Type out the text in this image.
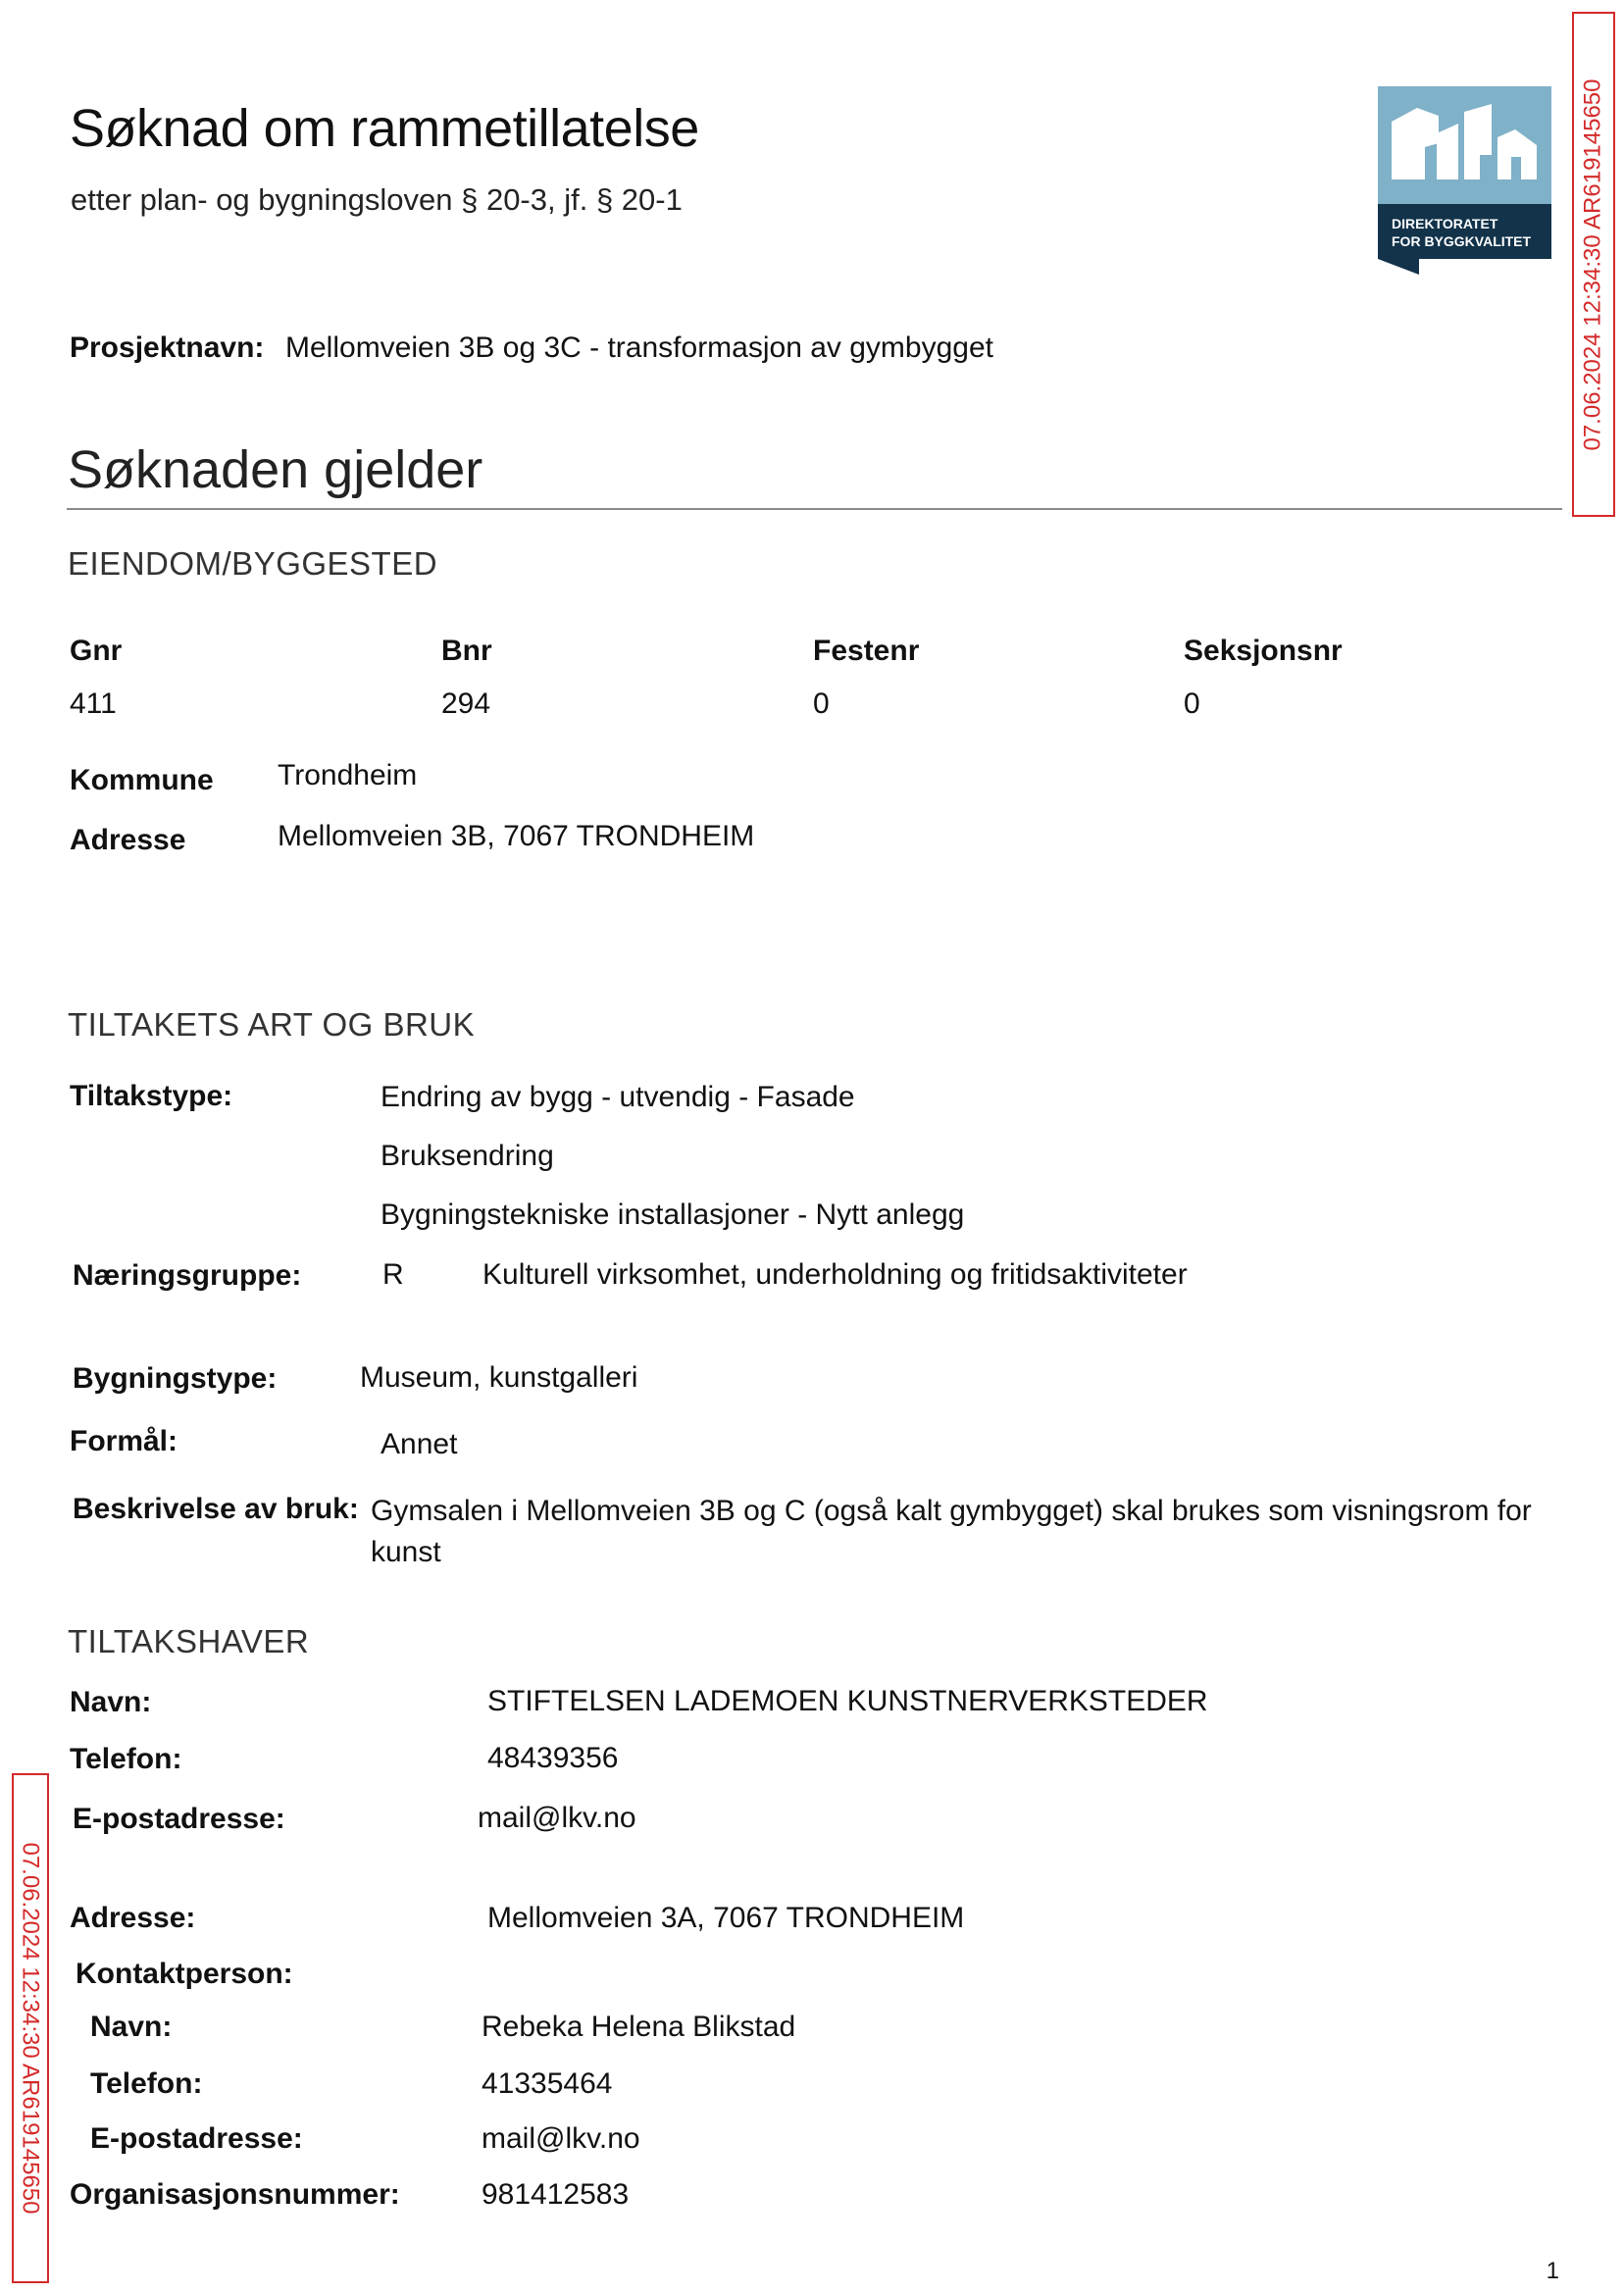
Søknad om rammetillatelse
etter plan- og bygningsloven § 20-3, jf. § 20-1
DIREKTORATET
FOR BYGGKVALITET 07.06.2024 12:34:30 AR619145650
07.06.2024 12:34:30 AR619145650
Prosjektnavn: Mellomveien 3B og 3C - transformasjon av gymbygget
Søknaden gjelder
EIENDOM/BYGGESTED
Gnr	Bnr	Festenr	Seksjonsnr
411	294	0	0
Kommune Trondheim
Adresse	Mellomveien 3B, 7067 TRONDHEIM
TILTAKETS ART OG BRUK
Tiltakstype:	Endring av bygg - utvendig - Fasade
Bruksendring
Bygningstekniske installasjoner - Nytt anlegg
Næringsgruppe:	R	Kulturell virksomhet, underholdning og fritidsaktiviteter
Bygningstype:	Museum, kunstgalleri
Formål:	Annet
Beskrivelse av bruk: Gymsalen i Mellomveien 3B og C (også kalt gymbygget) skal brukes som visningsrom for kunst
TILTAKSHAVER
Navn:	STIFTELSEN LADEMOEN KUNSTNERVERKSTEDER
Telefon:	48439356
E-postadresse:	mail@lkv.no
Adresse:	Mellomveien 3A, 7067 TRONDHEIM
Kontaktperson:
Navn:	Rebeka Helena Blikstad
Telefon:	41335464
E-postadresse:	mail@lkv.no
Organisasjonsnummer:	981412583
1
